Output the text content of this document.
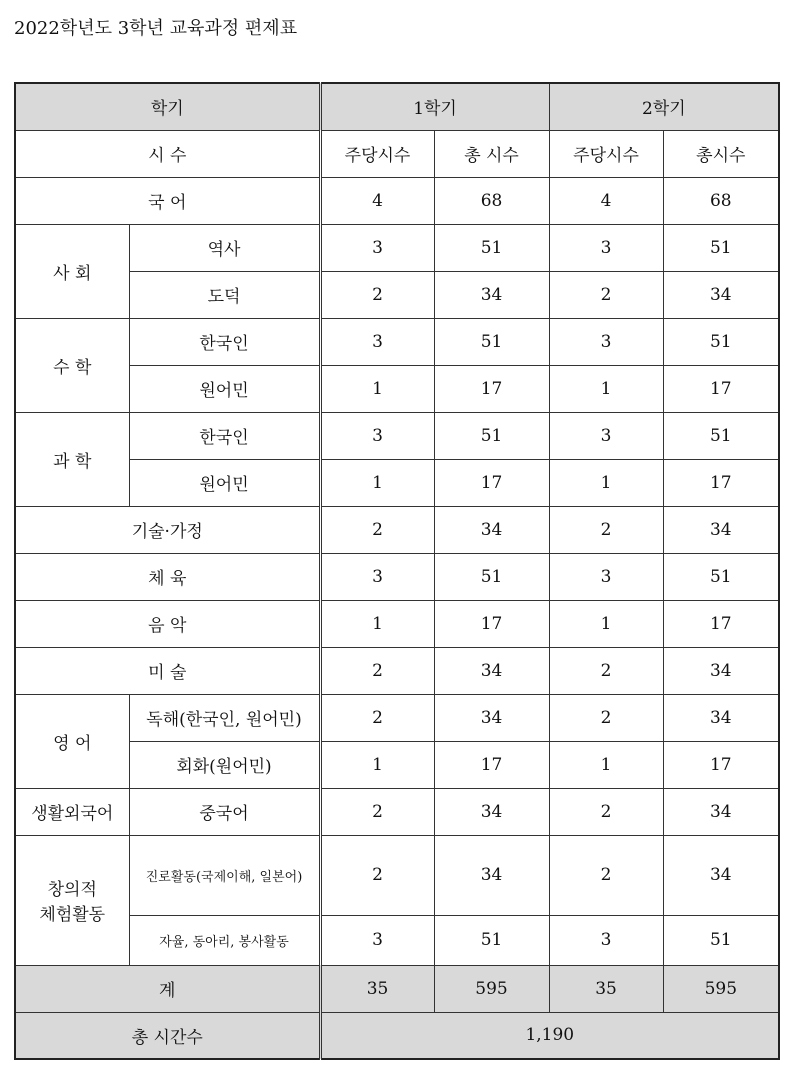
2022학년도 3학년 교육과정 편제표
학기		1학기		2학기	
시 수		주당시수	총 시수	주당시수	총시수
국 어		4	68	4	68
사 회	역사	3	51	3	51
	도덕	2	34	2	34
수 학	한국인	3	51	3	51
	원어민	1	17	1	17
과 학	한국인	3	51	3	51
	원어민	1	17	1	17
기술·가정		2	34	2	34
체 육		3	51	3	51
음 악		1	17	1	17
미 술		2	34	2	34
영 어	독해(한국인, 원어민)	2	34	2	34
	회화(원어민)	1	17	1	17
생활외국어	중국어	2	34	2	34

창의적
체험활동	진로활동(국제이해, 일본어)	2	34	2	34
	자율, 동아리, 봉사활동	3	51	3	51
계		35	595	35	595
총 시간수		1,190			
